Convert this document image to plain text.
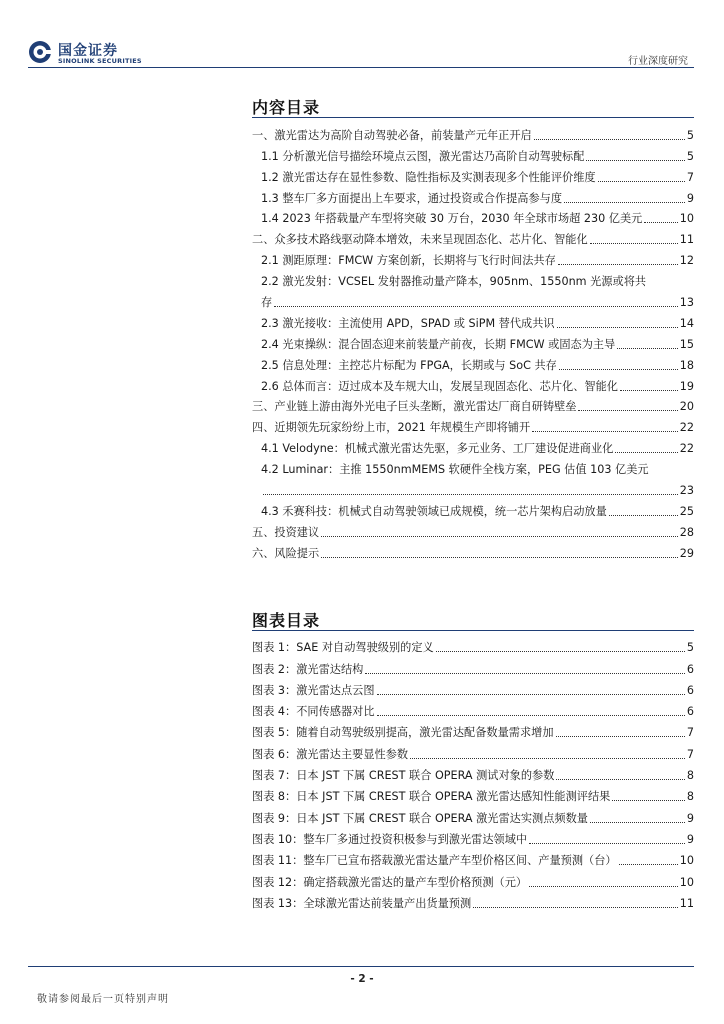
国金证券
SINOLINK SECURITIES	行业深度研究
内容目录
一、激光雷达为高阶自动驾驶必备，前装量产元年正开启	5
1.1 分析激光信号描绘环境点云图，激光雷达乃高阶自动驾驶标配	5
1.2 激光雷达存在显性参数、隐性指标及实测表现多个性能评价维度	7
1.3 整车厂多方面提出上车要求，通过投资或合作提高参与度	9
1.4 2023 年搭载量产车型将突破 30 万台，2030 年全球市场超 230 亿美元	10
二、众多技术路线驱动降本增效，未来呈现固态化、芯片化、智能化	11
2.1 测距原理：FMCW 方案创新，长期将与飞行时间法共存	12
2.2 激光发射：VCSEL 发射器推动量产降本，905nm、1550nm 光源或将共
存	13
2.3 激光接收：主流使用 APD，SPAD 或 SiPM 替代成共识	14
2.4 光束操纵：混合固态迎来前装量产前夜，长期 FMCW 或固态为主导	15
2.5 信息处理：主控芯片标配为 FPGA，长期或与 SoC 共存	18
2.6 总体而言：迈过成本及车规大山，发展呈现固态化、芯片化、智能化	19
三、产业链上游由海外光电子巨头垄断，激光雷达厂商自研铸壁垒	20
四、近期领先玩家纷纷上市，2021 年规模生产即将铺开	22
4.1 Velodyne：机械式激光雷达先驱，多元业务、工厂建设促进商业化	22
4.2 Luminar：主推 1550nmMEMS 软硬件全栈方案，PEG 估值 103 亿美元
23
4.3 禾赛科技：机械式自动驾驶领域已成规模，统一芯片架构启动放量	25
五、投资建议	28
六、风险提示	29
图表目录
图表 1：SAE 对自动驾驶级别的定义	5
图表 2：激光雷达结构	6
图表 3：激光雷达点云图	6
图表 4：不同传感器对比	6
图表 5：随着自动驾驶级别提高，激光雷达配备数量需求增加	7
图表 6：激光雷达主要显性参数	7
图表 7：日本 JST 下属 CREST 联合 OPERA 测试对象的参数	8
图表 8：日本 JST 下属 CREST 联合 OPERA 激光雷达感知性能测评结果	8
图表 9：日本 JST 下属 CREST 联合 OPERA 激光雷达实测点频数量	9
图表 10：整车厂多通过投资积极参与到激光雷达领域中	9
图表 11：整车厂已宣布搭载激光雷达量产车型价格区间、产量预测（台）	10
图表 12：确定搭载激光雷达的量产车型价格预测（元）	10
图表 13：全球激光雷达前装量产出货量预测	11
- 2 -
敬请参阅最后一页特别声明
